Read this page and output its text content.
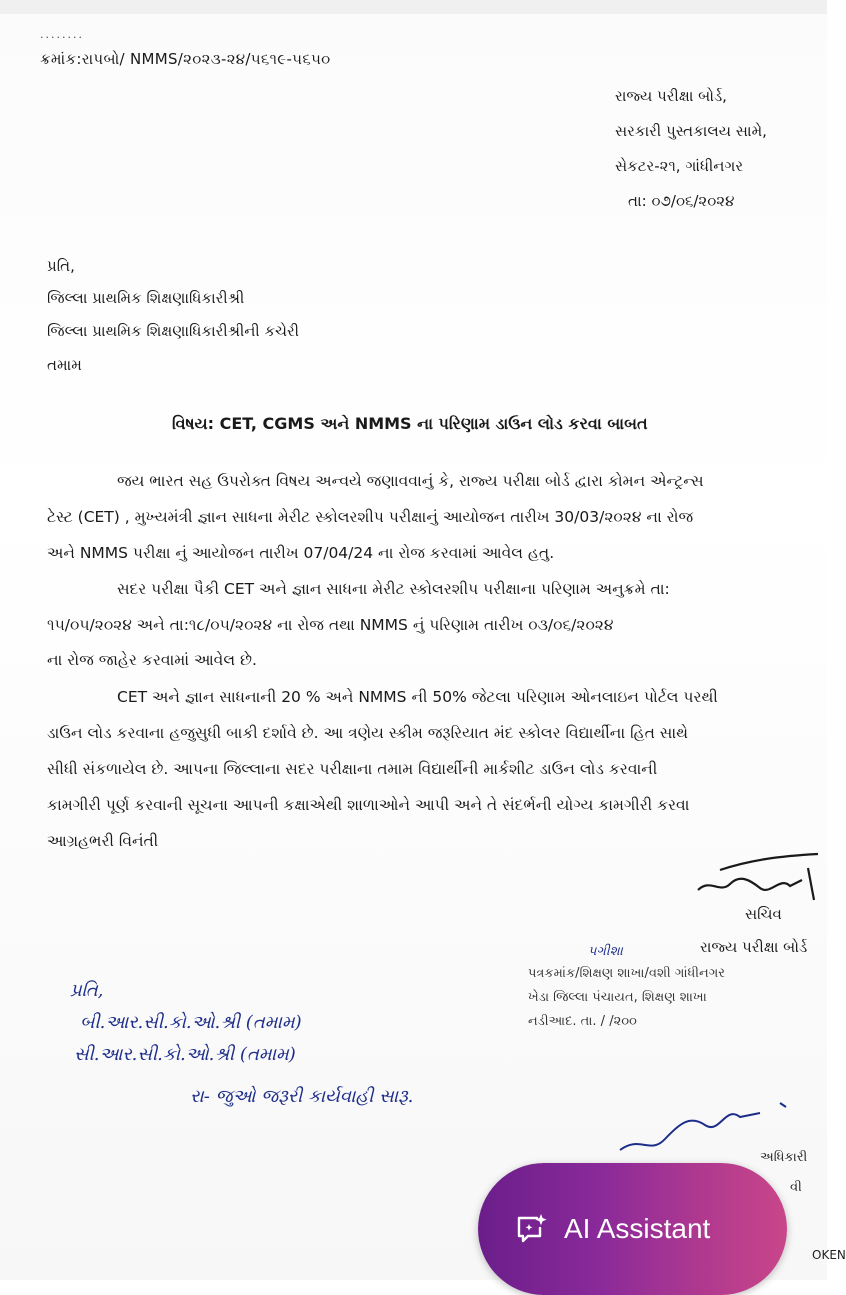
........
ક્રમાંક:રાપબો/ NMMS/૨૦૨૩-૨૪/૫૬૧૯-૫૬૫૦
રાજ્ય પરીક્ષા બોર્ડ,
સરકારી પુસ્તકાલય સામે,
સેકટર-૨૧, ગાંધીનગર
તા: ૦૭/૦૬/૨૦૨૪
પ્રતિ,
જિલ્લા પ્રાથમિક શિક્ષણાધિકારીશ્રી
જિલ્લા પ્રાથમિક શિક્ષણાધિકારીશ્રીની કચેરી
તમામ
વિષય: CET, CGMS અને NMMS ના પરિણામ ડાઉન લોડ કરવા બાબત
જય ભારત સહ ઉપરોક્ત વિષય અન્વયે જણાવવાનું કે, રાજ્ય પરીક્ષા બોર્ડ દ્વારા કોમન એન્ટ્રન્સ
ટેસ્ટ (CET) , મુખ્યમંત્રી જ્ઞાન સાધના મેરીટ સ્કોલરશીપ પરીક્ષાનું આયોજન તારીખ 30/03/૨૦૨૪ ના રોજ
અને NMMS પરીક્ષા નું આયોજન તારીખ 07/04/24 ના રોજ કરવામાં આવેલ હતુ.
સદર પરીક્ષા પૈકી CET અને જ્ઞાન સાધના મેરીટ સ્કોલરશીપ પરીક્ષાના પરિણામ અનુક્રમે તા:
૧૫/૦૫/૨૦૨૪ અને તા:૧૮/૦૫/૨૦૨૪ ના રોજ તથા NMMS નું પરિણામ તારીખ ૦૩/૦૬/૨૦૨૪
ના રોજ જાહેર કરવામાં આવેલ છે.
CET અને જ્ઞાન સાધનાની 20 % અને NMMS ની 50% જેટલા પરિણામ ઓનલાઇન પોર્ટલ પરથી
ડાઉન લોડ કરવાના હજુસુધી બાકી દર્શાવે છે. આ ત્રણેય સ્કીમ જરૂરિયાત મંદ સ્કોલર વિદ્યાર્થીના હિત સાથે
સીધી સંકળાયેલ છે. આપના જિલ્લાના સદર પરીક્ષાના તમામ વિદ્યાર્થીની માર્કશીટ ડાઉન લોડ કરવાની
કામગીરી પૂર્ણ કરવાની સૂચના આપની કક્ષાએથી શાળાઓને આપી અને તે સંદર્ભની યોગ્ય કામગીરી કરવા
આગ્રહભરી વિનંતી
સચિવ
રાજ્ય પરીક્ષા બોર્ડ
પગીશા
પત્રકમાંક/શિક્ષણ શાખા/વશી ગાંધીનગર
ખેડા જિલ્લા પંચાયત, શિક્ષણ શાખા
નડીઆદ. તા. / /૨૦૦
પ્રતિ,
બી.આર.સી.કો.ઓ.શ્રી (તમામ)
સી.આર.સી.કો.ઓ.શ્રી (તમામ)
રા- જુઓ જરૂરી કાર્યવાહી સારૂ.
અધિકારી
વી
OKEN
AI Assistant
